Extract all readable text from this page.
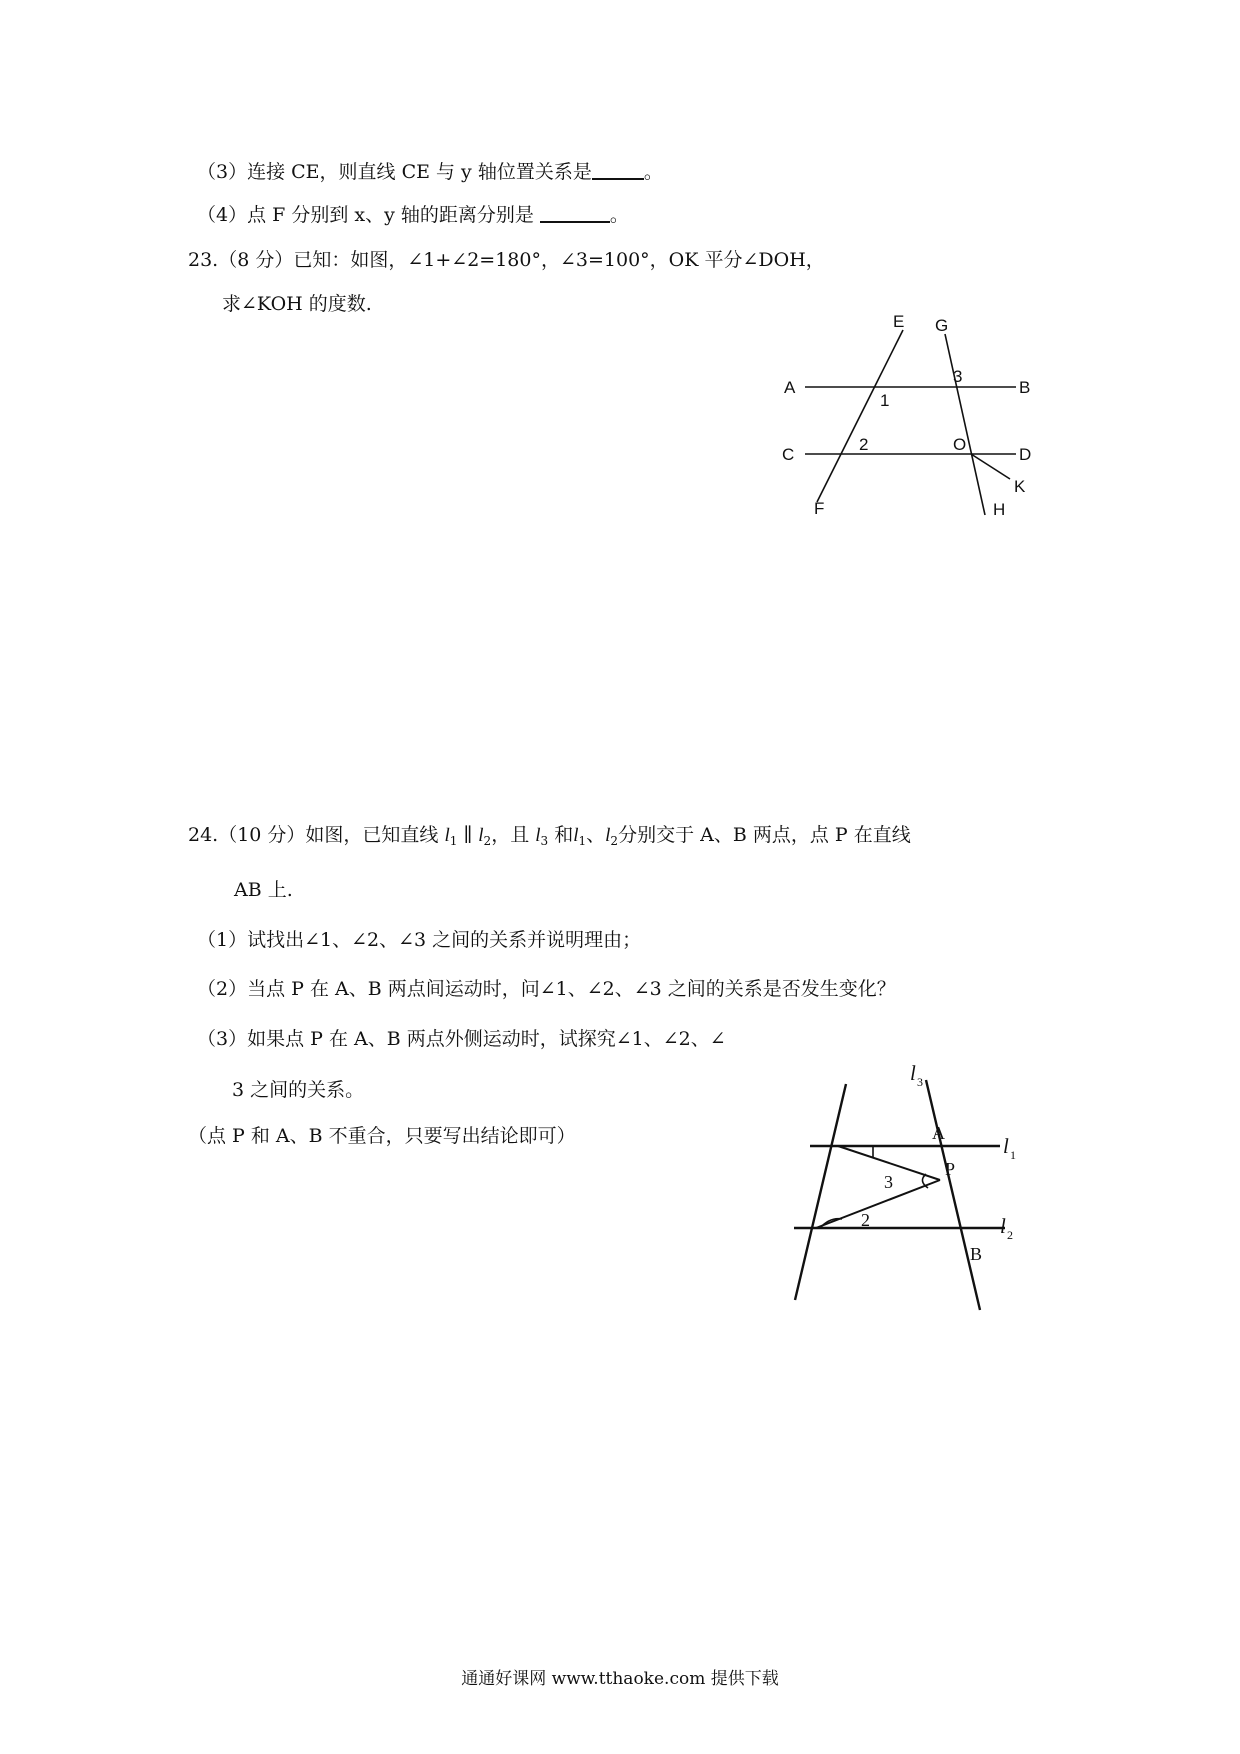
（3）连接 CE，则直线 CE 与 y 轴位置关系是	。
（4）点 F 分别到 x、y 轴的距离分别是	。
23.（8 分）已知：如图，∠1+∠2=180°，∠3=100°，OK 平分∠DOH，
求∠KOH 的度数.
E G
A	B
1
3
C
2	O
D
K
F	H
24.（10 分）如图，已知直线 $l_1$ ∥ $l_2$，且 $l_3$ 和$l_1$、$l_2$分别交于 A、B 两点，点 P 在直线
AB 上.
（1）试找出∠1、∠2、∠3 之间的关系并说明理由；
（2）当点 P 在 A、B 两点间运动时，问∠1、∠2、∠3 之间的关系是否发生变化？
（3）如果点 P 在 A、B 两点外侧运动时，试探究∠1、∠2、∠
3 之间的关系。
（点 P 和 A、B 不重合，只要写出结论即可）
l 3
A
l 1
P
3
2	l 2
B
通通好课网 www.tthaoke.com 提供下载
